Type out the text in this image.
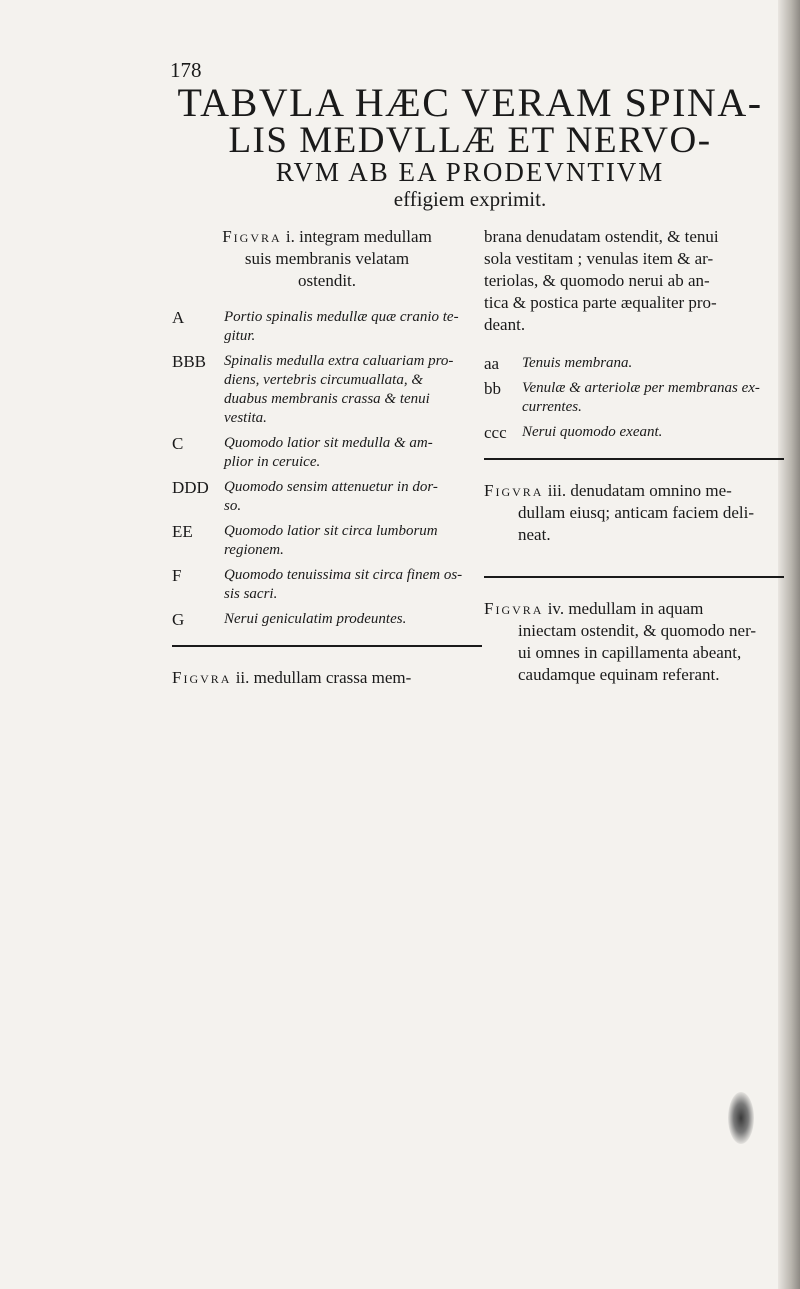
178
TABVLA HÆC VERAM SPINA-
LIS MEDVLLÆ ET NERVO-
RVM AB EA PRODEVNTIVM
effigiem exprimit.
Figvra i. integram medullam
suis membranis velatam
ostendit.
A	Portio spinalis medullæ quæ cranio te-
gitur.
BBB Spinalis medulla extra caluariam pro-
diens, vertebris circumuallata, &
duabus membranis crassa & tenui
vestita.
C	Quomodo latior sit medulla & am-
plior in ceruice.
DDD Quomodo sensim attenuetur in dor-
so.
EE Quomodo latior sit circa lumborum
regionem.
F	Quomodo tenuissima sit circa finem os-
sis sacri.
G	Nerui geniculatim prodeuntes.
Figvra ii. medullam crassa mem-
brana denudatam ostendit, & tenui
sola vestitam ; venulas item & ar-
teriolas, & quomodo nerui ab an-
tica & postica parte æqualiter pro-
deant.
aa Tenuis membrana.
bb Venulæ & arteriolæ per membranas ex-
currentes.
ccc Nerui quomodo exeant.
Figvra iii. denudatam omnino me-
dullam eiusq; anticam faciem deli-
neat.
Figvra iv. medullam in aquam
iniectam ostendit, & quomodo ner-
ui omnes in capillamenta abeant,
caudamque equinam referant.
